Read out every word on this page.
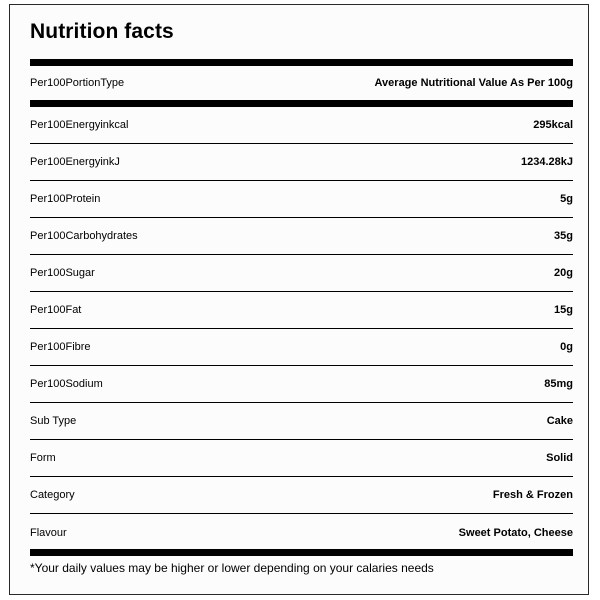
Nutrition facts
Per100PortionType	Average Nutritional Value As Per 100g
Per100Energyinkcal	295kcal
Per100EnergyinkJ	1234.28kJ
Per100Protein	5g
Per100Carbohydrates	35g
Per100Sugar	20g
Per100Fat	15g
Per100Fibre	0g
Per100Sodium	85mg
Sub Type	Cake
Form	Solid
Category	Fresh & Frozen
Flavour	Sweet Potato, Cheese
*Your daily values may be higher or lower depending on your calaries needs
